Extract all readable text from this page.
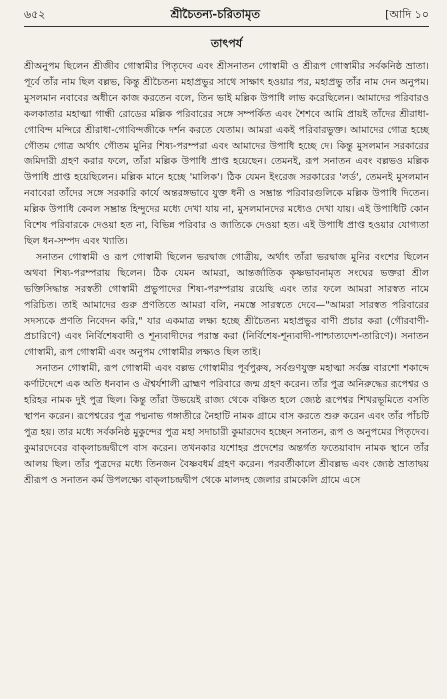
৬৫২	শ্রীচৈতন্য-চরিতামৃত	[আদি ১০
তাৎপর্য

শ্রীঅনুপম ছিলেন শ্রীজীব গোস্বামীর পিতৃদেব এবং শ্রীসনাতন গোস্বামী ও শ্রীরূপ গোস্বামীর সর্বকনিষ্ঠ ভ্রাতা। পূর্বে তাঁর নাম ছিল বল্লভ, কিন্তু শ্রীচৈতন্য মহাপ্রভুর সাথে সাক্ষাৎ হওয়ার পর, মহাপ্রভু তাঁর নাম দেন অনুপম। মুসলমান নবাবের অধীনে কাজ করতেন বলে, তিন ভাই মল্লিক উপাধি লাভ করেছিলেন। আমাদের পরিবারও কলকাতার মহাত্মা গান্ধী রোডের মল্লিক পরিবারের সঙ্গে সম্পর্কিত এবং শৈশবে আমি প্রায়ই তাঁদের শ্রীরাধা-গোবিন্দ মন্দিরে শ্রীরাধা-গোবিন্দজীকে দর্শন করতে যেতাম। আমরা একই পরিবারভুক্ত। আমাদের গোত্র হচ্ছে গৌতম গোত্র অর্থাৎ গৌতম মুনির শিষ্য-পরম্পরা এবং আমাদের উপাধি হচ্ছে দে। কিন্তু মুসলমান সরকারের জমিদারী গ্রহণ করার ফলে, তাঁরা মল্লিক উপাধি প্রাপ্ত হয়েছেন। তেমনই, রূপ সনাতন এবং বল্লভও মল্লিক উপাধি প্রাপ্ত হয়েছিলেন। মল্লিক মানে হচ্ছে 'মালিক'। ঠিক যেমন ইংরেজ সরকারের 'লর্ড', তেমনই মুসলমান নবাবেরা তাঁদের সঙ্গে সরকারি কার্যে অন্তরঙ্গভাবে যুক্ত ধনী ও সম্ভ্রান্ত পরিবারগুলিকে মল্লিক উপাধি দিতেন। মল্লিক উপাধি কেবল সম্ভ্রান্ত হিন্দুদের মধ্যে দেখা যায় না, মুসলমানদের মধ্যেও দেখা যায়। এই উপাধিটি কোন বিশেষ পরিবারকে দেওয়া হত না, বিভিন্ন পরিবার ও জাতিকে দেওয়া হত। এই উপাধি প্রাপ্ত হওয়ার যোগ্যতা ছিল ধন-সম্পদ এবং খ্যাতি।

সনাতন গোস্বামী ও রূপ গোস্বামী ছিলেন ভরদ্বাজ গোত্রীয়, অর্থাৎ তাঁরা ভরদ্বাজ মুনির বংশের ছিলেন অথবা শিষ্য-পরম্পরায় ছিলেন। ঠিক যেমন আমরা, আন্তর্জাতিক কৃষ্ণভাবনামৃত সংঘের ভক্তরা শ্রীল ভক্তিসিদ্ধান্ত সরস্বতী গোস্বামী প্রভুপাদের শিষ্য-পরম্পরায় রয়েছি এবং তার ফলে আমরা সারস্বত নামে পরিচিত। তাই আমাদের গুরু প্রণতিতে আমরা বলি, নমস্তে সারস্বতে দেবে—"আমরা সারস্বত পরিবারের সদস্যকে প্রণতি নিবেদন করি," যার একমাত্র লক্ষ্য হচ্ছে শ্রীচৈতন্য মহাপ্রভুর বাণী প্রচার করা (গৌরবাণী-প্রচারিণে) এবং নির্বিশেষবাদী ও শূন্যবাদীদের পরাস্ত করা (নির্বিশেষ-শূন্যবাদী-পাশ্চাত্যদেশ-তারিণে)। সনাতন গোস্বামী, রূপ গোস্বামী এবং অনুপম গোস্বামীর লক্ষ্যও ছিল তাই।

সনাতন গোস্বামী, রূপ গোস্বামী এবং বল্লভ গোস্বামীর পূর্বপুরুষ, সর্বগুণযুক্ত মহাত্মা সর্বজ্ঞ বারশো শকাব্দে কর্ণাটদেশে এক অতি ধনবান ও ঐশ্বর্যশালী ব্রাহ্মণ পরিবারে জন্ম গ্রহণ করেন। তাঁর পুত্র অনিরুদ্ধের রূপেশ্বর ও হরিহর নামক দুই পুত্র ছিল। কিন্তু তাঁরা উভয়েই রাজ্য থেকে বঞ্চিত হলে জ্যেষ্ঠ রূপেশ্বর শিখরভূমিতে বসতি স্থাপন করেন। রূপেশ্বরের পুত্র পদ্মনাভ গঙ্গাতীরে নৈহাটি নামক গ্রামে বাস করতে শুরু করেন এবং তাঁর পাঁচটি পুত্র হয়। তার মধ্যে সর্বকনিষ্ঠ মুকুন্দের পুত্র মহা সদাচারী কুমারদেব হচ্ছেন সনাতন, রূপ ও অনুপমের পিতৃদেব। কুমারদেবের বাক্‌লাচন্দ্রদ্বীপে বাস করেন। তখনকার যশোহর প্রদেশের অন্তর্গত ফতেয়াবাদ নামক স্থানে তাঁর আলয় ছিল। তাঁর পুত্রদের মধ্যে তিনজন বৈষ্ণবধর্ম গ্রহণ করেন। পরবর্তীকালে শ্রীবল্লভ এবং জ্যেষ্ঠ ভ্রাতাদ্বয় শ্রীরূপ ও সনাতন কর্ম উপলক্ষ্যে বাক্‌লাচন্দ্রদ্বীপ থেকে মালদহ জেলার রামকেলি গ্রামে এসে
